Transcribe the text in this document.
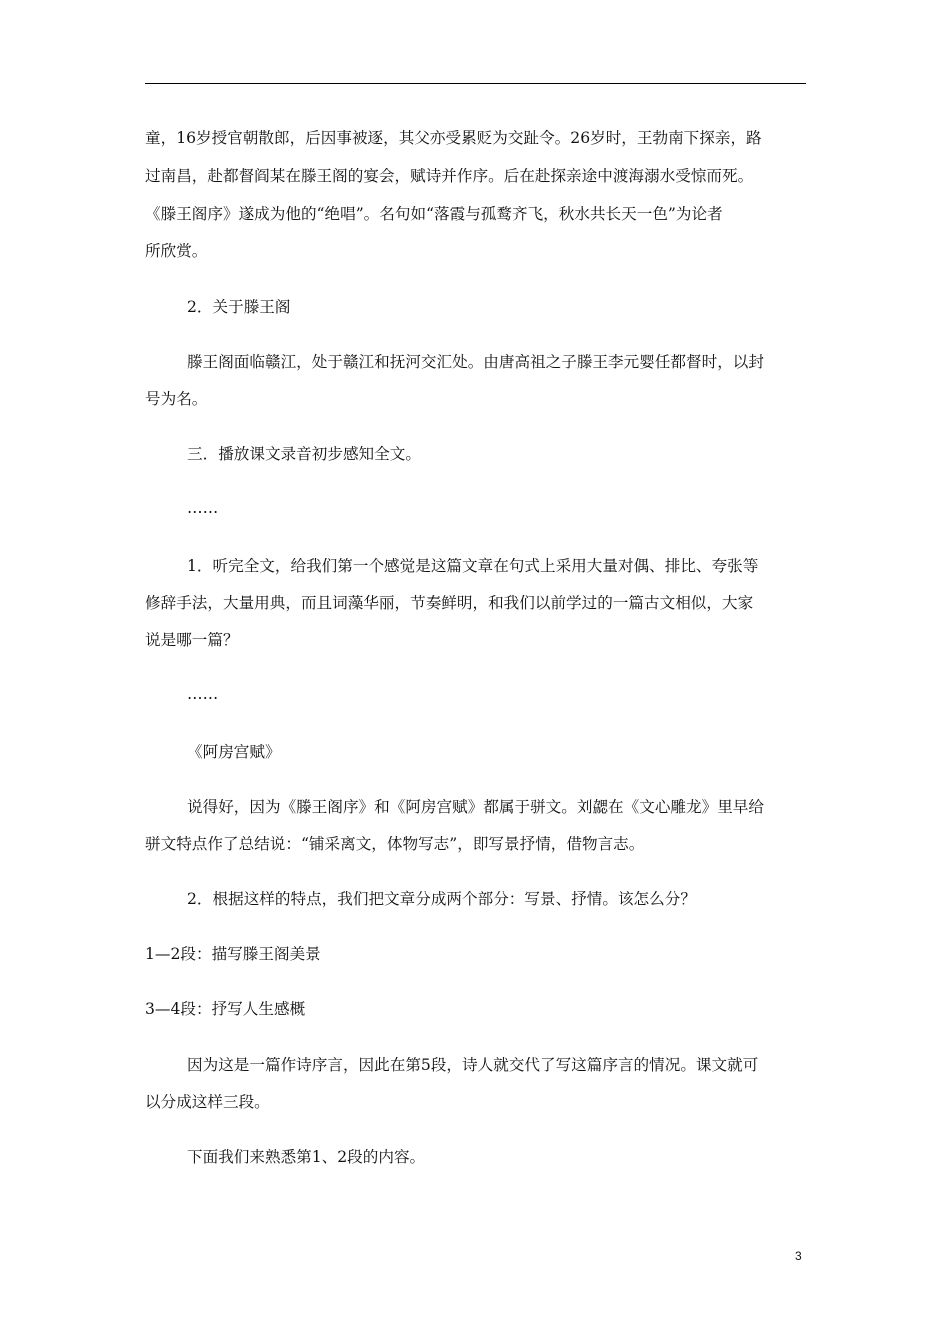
童，16岁授官朝散郎，后因事被逐，其父亦受累贬为交趾令。26岁时，王勃南下探亲，路
过南昌，赴都督阎某在滕王阁的宴会，赋诗并作序。后在赴探亲途中渡海溺水受惊而死。
《滕王阁序》遂成为他的“绝唱”。名句如“落霞与孤鹜齐飞，秋水共长天一色”为论者
所欣赏。
2．关于滕王阁
滕王阁面临赣江，处于赣江和抚河交汇处。由唐高祖之子滕王李元婴任都督时，以封
号为名。
三．播放课文录音初步感知全文。
……
1．听完全文，给我们第一个感觉是这篇文章在句式上采用大量对偶、排比、夸张等
修辞手法，大量用典，而且词藻华丽，节奏鲜明，和我们以前学过的一篇古文相似，大家
说是哪一篇？
……
《阿房宫赋》
说得好，因为《滕王阁序》和《阿房宫赋》都属于骈文。刘勰在《文心雕龙》里早给
骈文特点作了总结说：“铺采离文，体物写志”，即写景抒情，借物言志。
2．根据这样的特点，我们把文章分成两个部分：写景、抒情。该怎么分？
1—2段：描写滕王阁美景
3—4段：抒写人生感概
因为这是一篇作诗序言，因此在第5段，诗人就交代了写这篇序言的情况。课文就可
以分成这样三段。
下面我们来熟悉第1、2段的内容。
3
